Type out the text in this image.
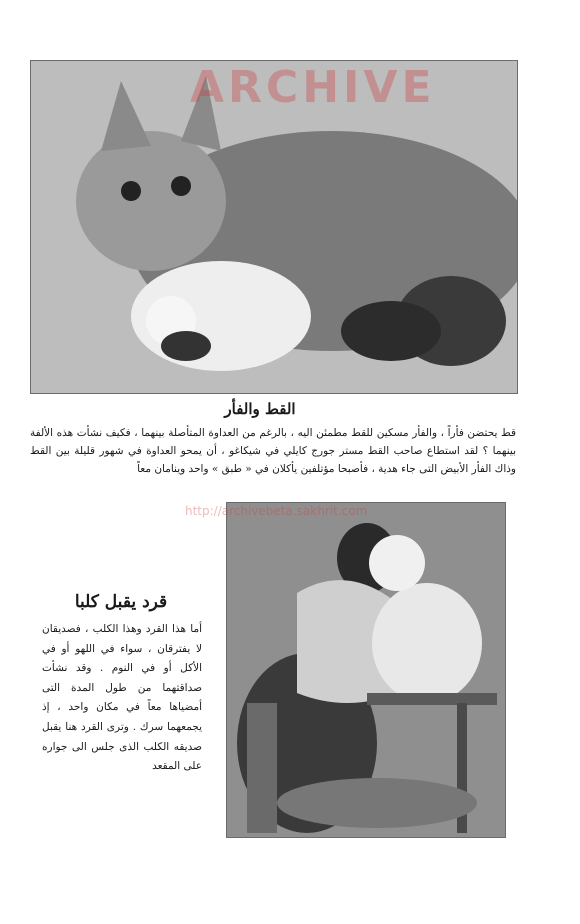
ARCHIVE
http://archivebeta.sakhrit.com
القط والفأر
قط يحتضن فأراً ، والفأر مسكين للقط مطمئن اليه ، بالرغم من العداوة المتأصلة بينهما ، فكيف نشأت هذه الألفة بينهما ؟ لقد استطاع صاحب القط مستر جورج كايلي في شيكاغو ، أن يمحو العداوة في شهور قليلة بين القط وذاك الفأر الأبيض التى جاء هدية ، فأصبحا مؤتلفين يأكلان في « طبق » واحد وينامان معاً
قرد يقبل كلبا
أما هذا القرد وهذا الكلب ، فصديقان لا يفترقان ، سواء في اللهو أو في الأكل أو في النوم . وقد نشأت صداقتهما من طول المدة التى أمضياها معاً في مكان واحد ، إذ يجمعهما سرك . وترى القرد هنا يقبل صديقه الكلب الذى جلس الى جواره على المقعد
